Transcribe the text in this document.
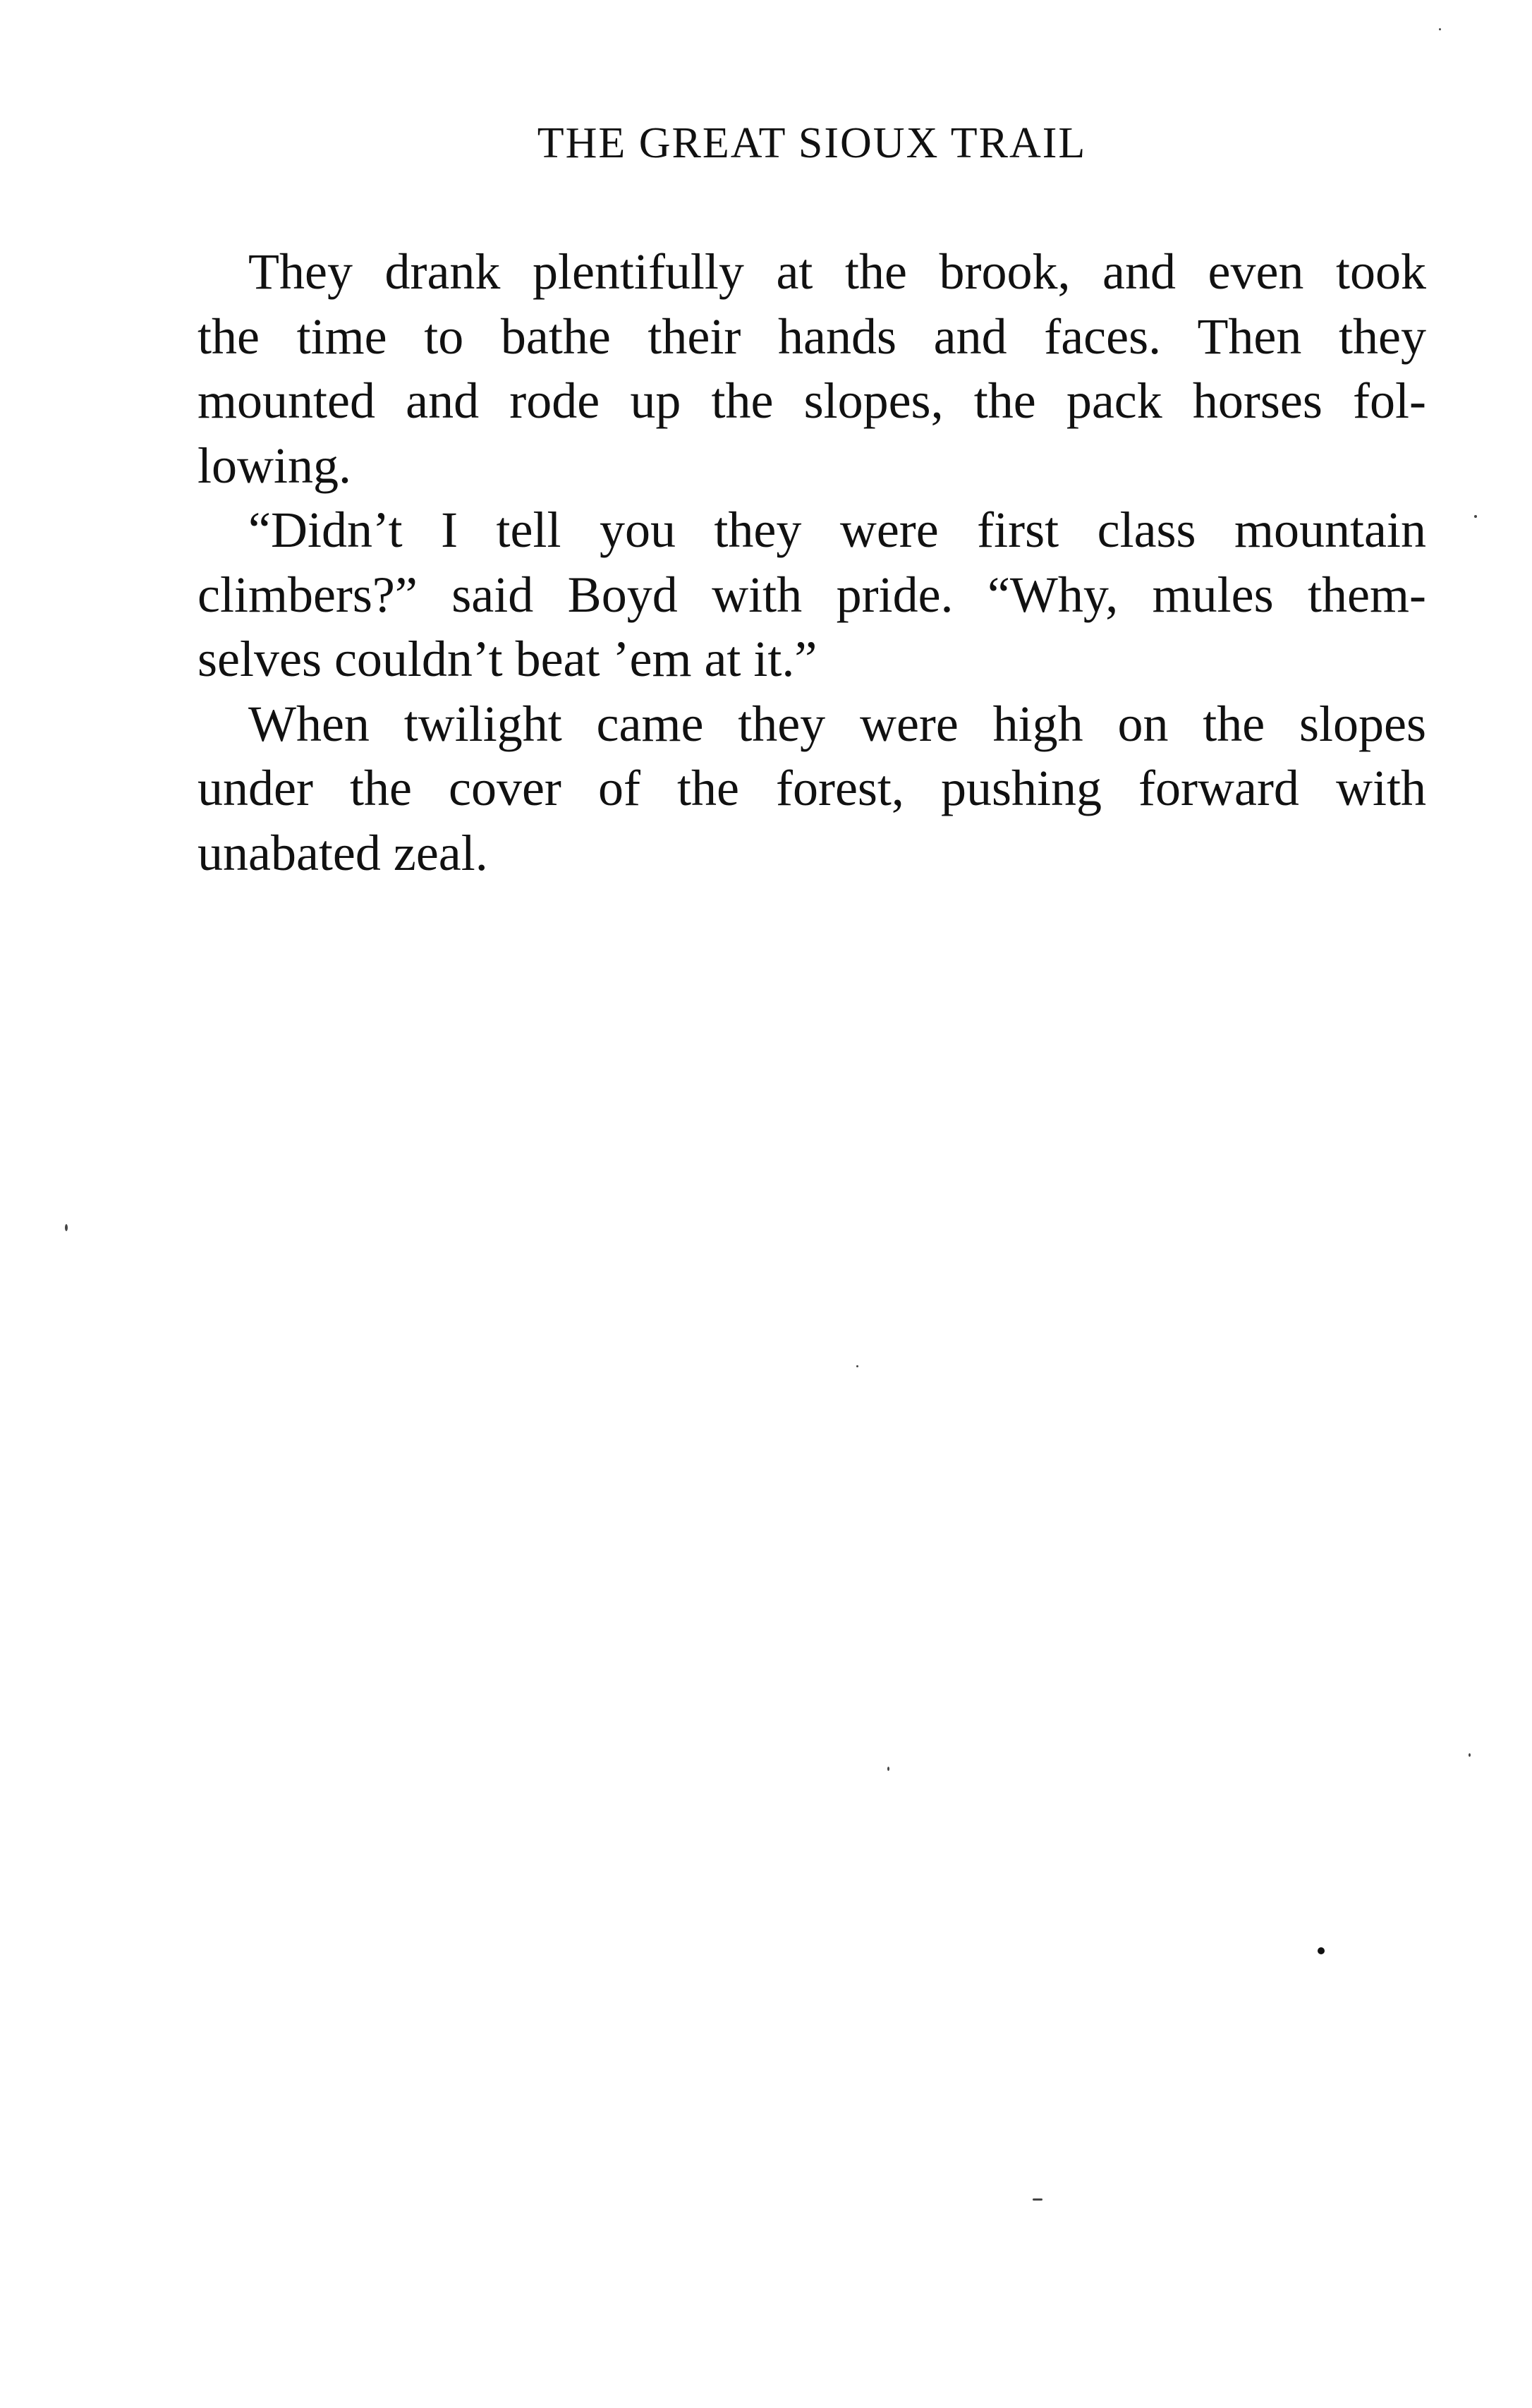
THE GREAT SIOUX TRAIL
They drank plentifully at the brook, and even took
the time to bathe their hands and faces. Then they
mounted and rode up the slopes, the pack horses fol-
lowing.
“Didn’t I tell you they were first class mountain
climbers?” said Boyd with pride. “Why, mules them-
selves couldn’t beat ’em at it.”
When twilight came they were high on the slopes
under the cover of the forest, pushing forward with
unabated zeal.
